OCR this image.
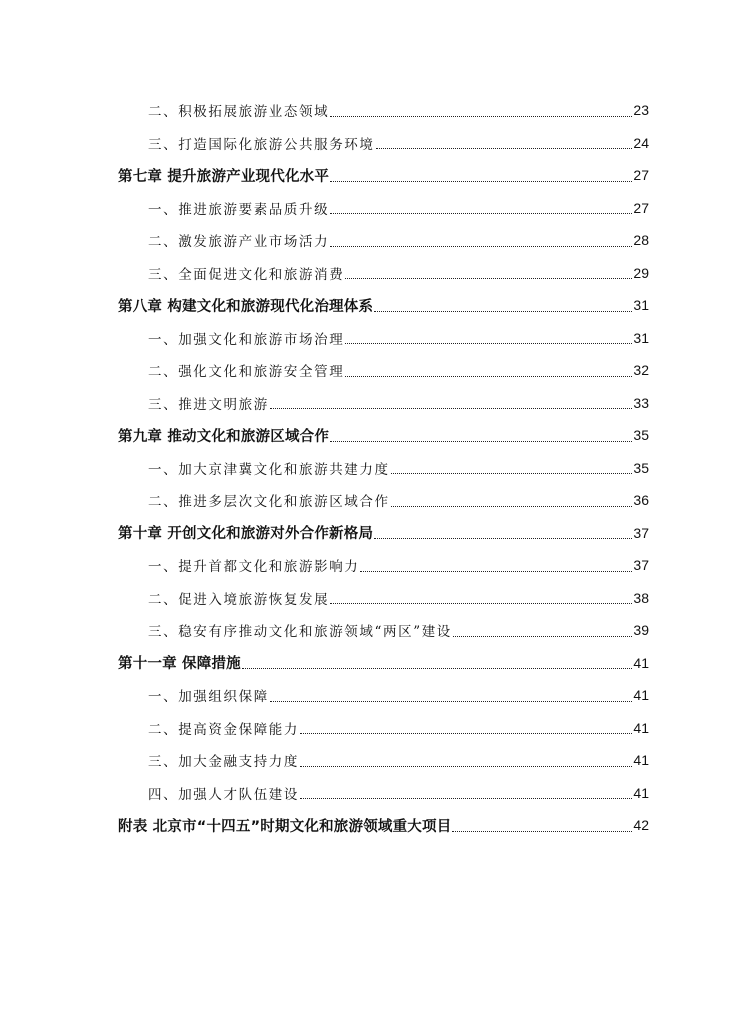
二、积极拓展旅游业态领域	23
三、打造国际化旅游公共服务环境	24
第七章 提升旅游产业现代化水平	27
一、推进旅游要素品质升级	27
二、激发旅游产业市场活力	28
三、全面促进文化和旅游消费	29
第八章 构建文化和旅游现代化治理体系	31
一、加强文化和旅游市场治理	31
二、强化文化和旅游安全管理	32
三、推进文明旅游	33
第九章 推动文化和旅游区域合作	35
一、加大京津冀文化和旅游共建力度	35
二、推进多层次文化和旅游区域合作	36
第十章 开创文化和旅游对外合作新格局	37
一、提升首都文化和旅游影响力	37
二、促进入境旅游恢复发展	38
三、稳安有序推动文化和旅游领域“两区”建设	39
第十一章 保障措施	41
一、加强组织保障	41
二、提高资金保障能力	41
三、加大金融支持力度	41
四、加强人才队伍建设	41
附表 北京市“十四五”时期文化和旅游领域重大项目	42
